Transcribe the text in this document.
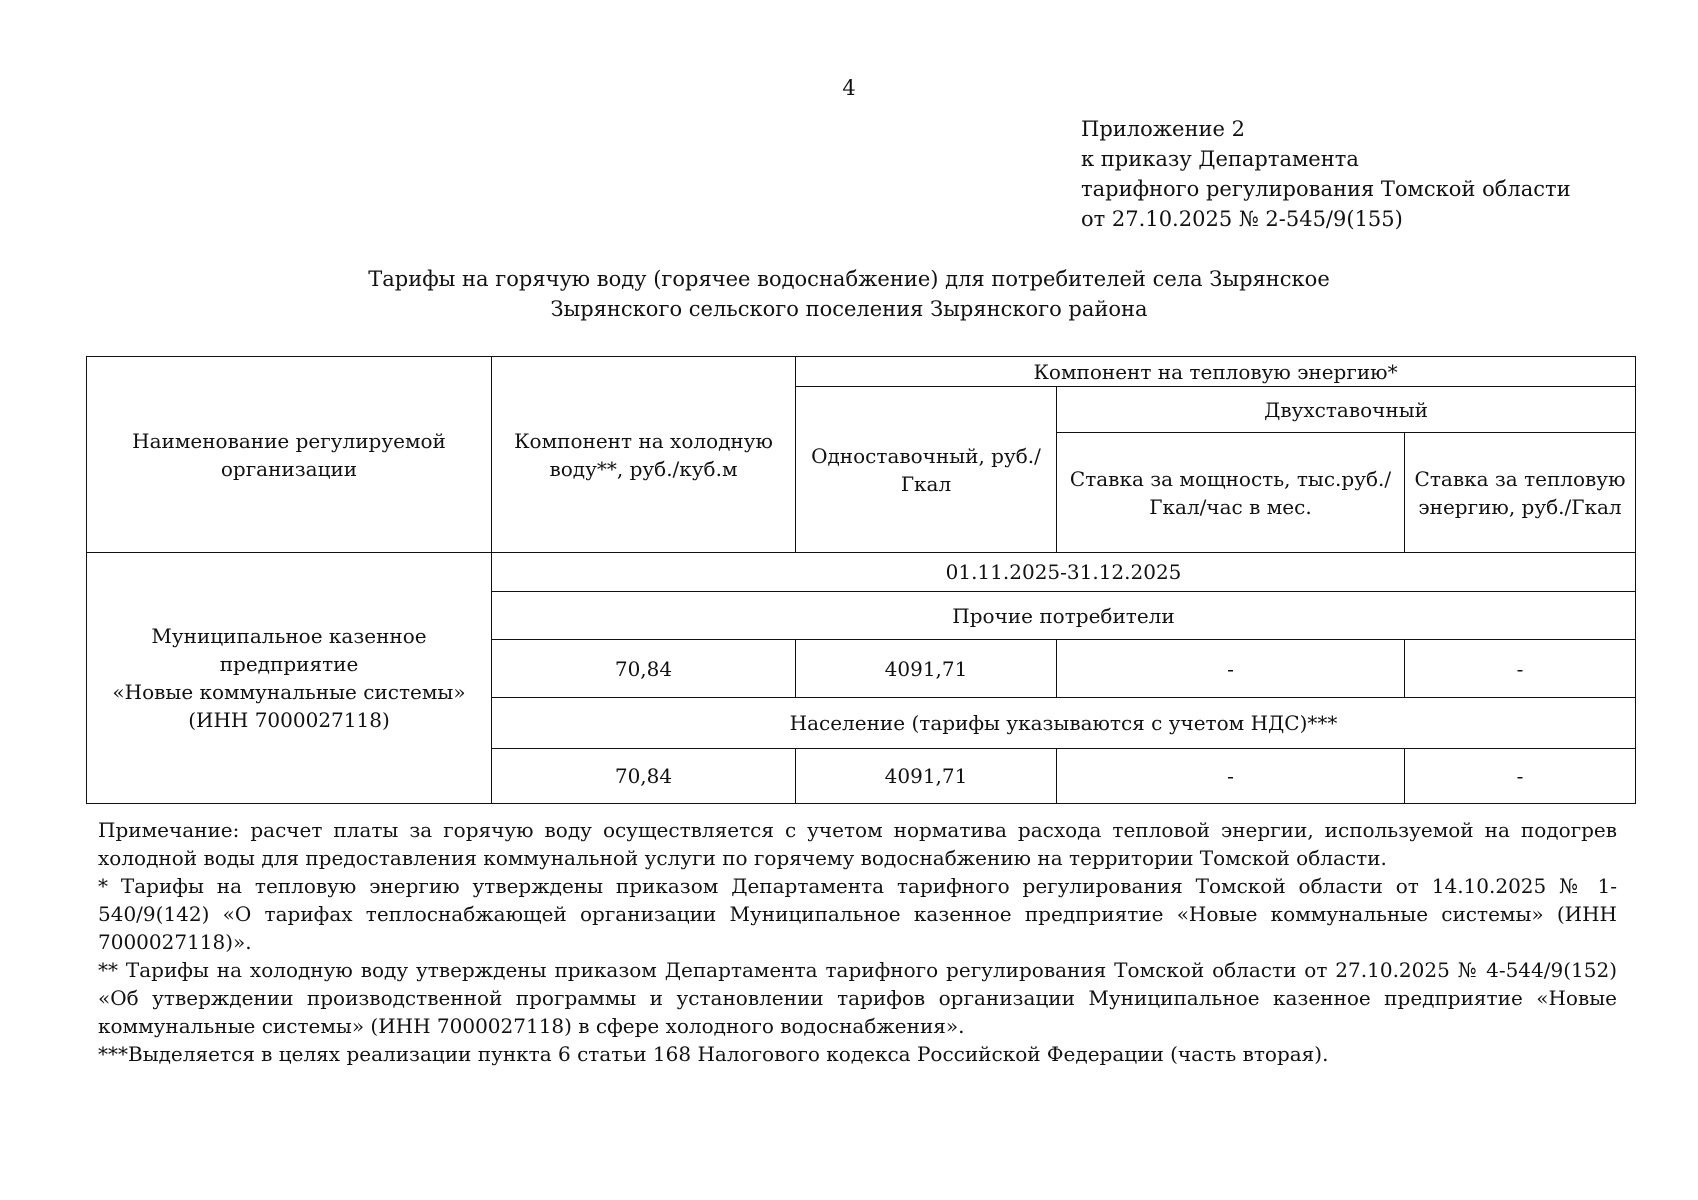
4
Приложение 2
к приказу Департамента
тарифного регулирования Томской области
от 27.10.2025 № 2-545/9(155)
Тарифы на горячую воду (горячее водоснабжение) для потребителей села Зырянское
Зырянского сельского поселения Зырянского района
Наименование регулируемой организации	Компонент на холодную воду**, руб./куб.м	Компонент на тепловую энергию*		
		Одноставочный, руб./Гкал	Двухставочный	
			Ставка за мощность, тыс.руб./ Гкал/час в мес.	Ставка за тепловую энергию, руб./Гкал

Муниципальное казенное
предприятие
«Новые коммунальные системы»
(ИНН 7000027118)	01.11.2025-31.12.2025			
	Прочие потребители			
	70,84	4091,71	-	-
	Население (тарифы указываются с учетом НДС)***			
	70,84	4091,71	-	-

Примечание: расчет платы за горячую воду осуществляется с учетом норматива расхода тепловой энергии, используемой на подогрев холодной воды для предоставления коммунальной услуги по горячему водоснабжению на территории Томской области.

* Тарифы на тепловую энергию утверждены приказом Департамента тарифного регулирования Томской области от 14.10.2025 № 1-540/9(142) «О тарифах теплоснабжающей организации Муниципальное казенное предприятие «Новые коммунальные системы» (ИНН 7000027118)».

** Тарифы на холодную воду утверждены приказом Департамента тарифного регулирования Томской области от 27.10.2025 № 4-544/9(152) «Об утверждении производственной программы и установлении тарифов организации Муниципальное казенное предприятие «Новые коммунальные системы» (ИНН 7000027118) в сфере холодного водоснабжения».

***Выделяется в целях реализации пункта 6 статьи 168 Налогового кодекса Российской Федерации (часть вторая).
